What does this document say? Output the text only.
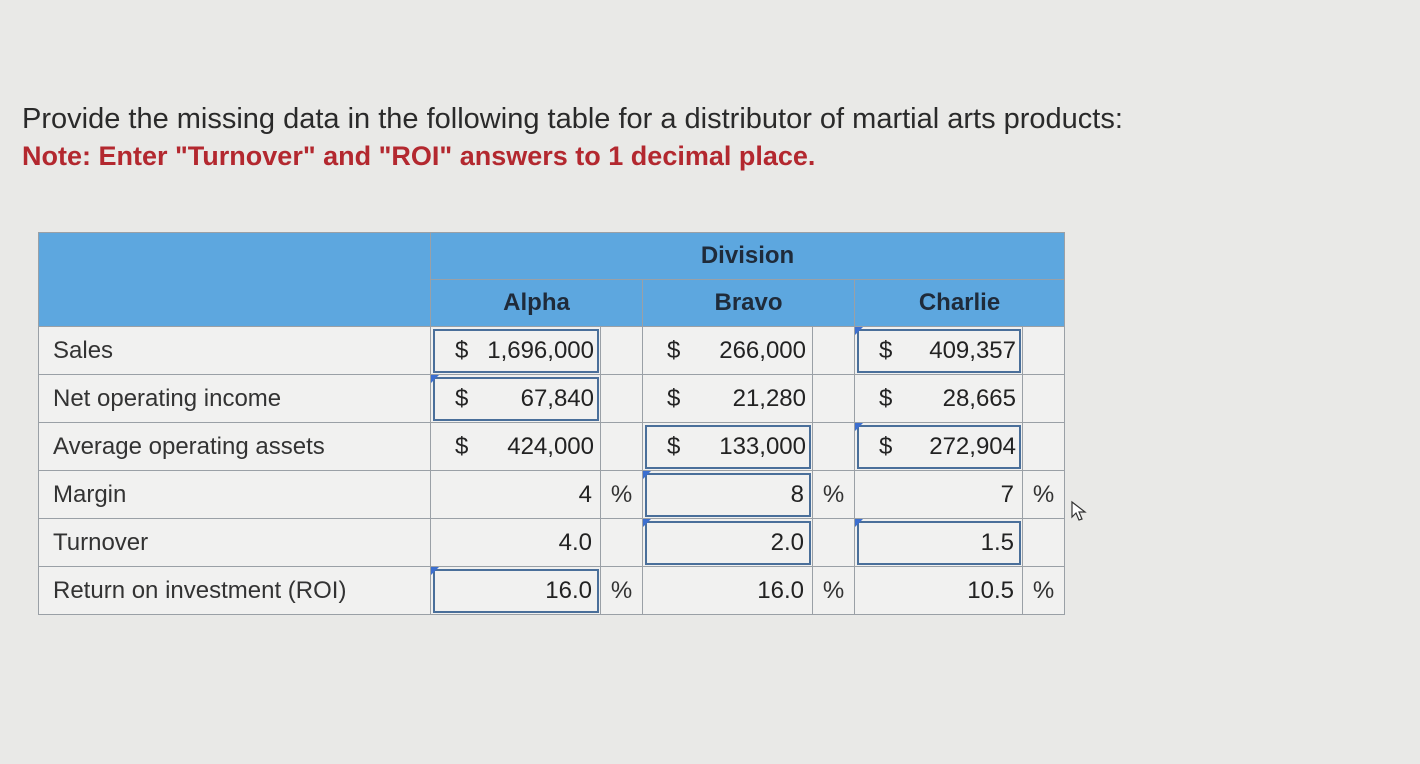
Provide the missing data in the following table for a distributor of martial arts products:
Note: Enter "Turnover" and "ROI" answers to 1 decimal place.
	Division					
	Alpha		Bravo		Charlie	
Sales	$ 1,696,000		$ 266,000		$ 409,357	

Net operating income	$ 67,840		$ 21,280		$ 28,665	

Average operating assets	$ 424,000		$ 133,000		$ 272,904	

Margin	4	%	8	%	7	%
Turnover	4.0		2.0		1.5	

Return on investment (ROI)	16.0	%	16.0	%	10.5	%
